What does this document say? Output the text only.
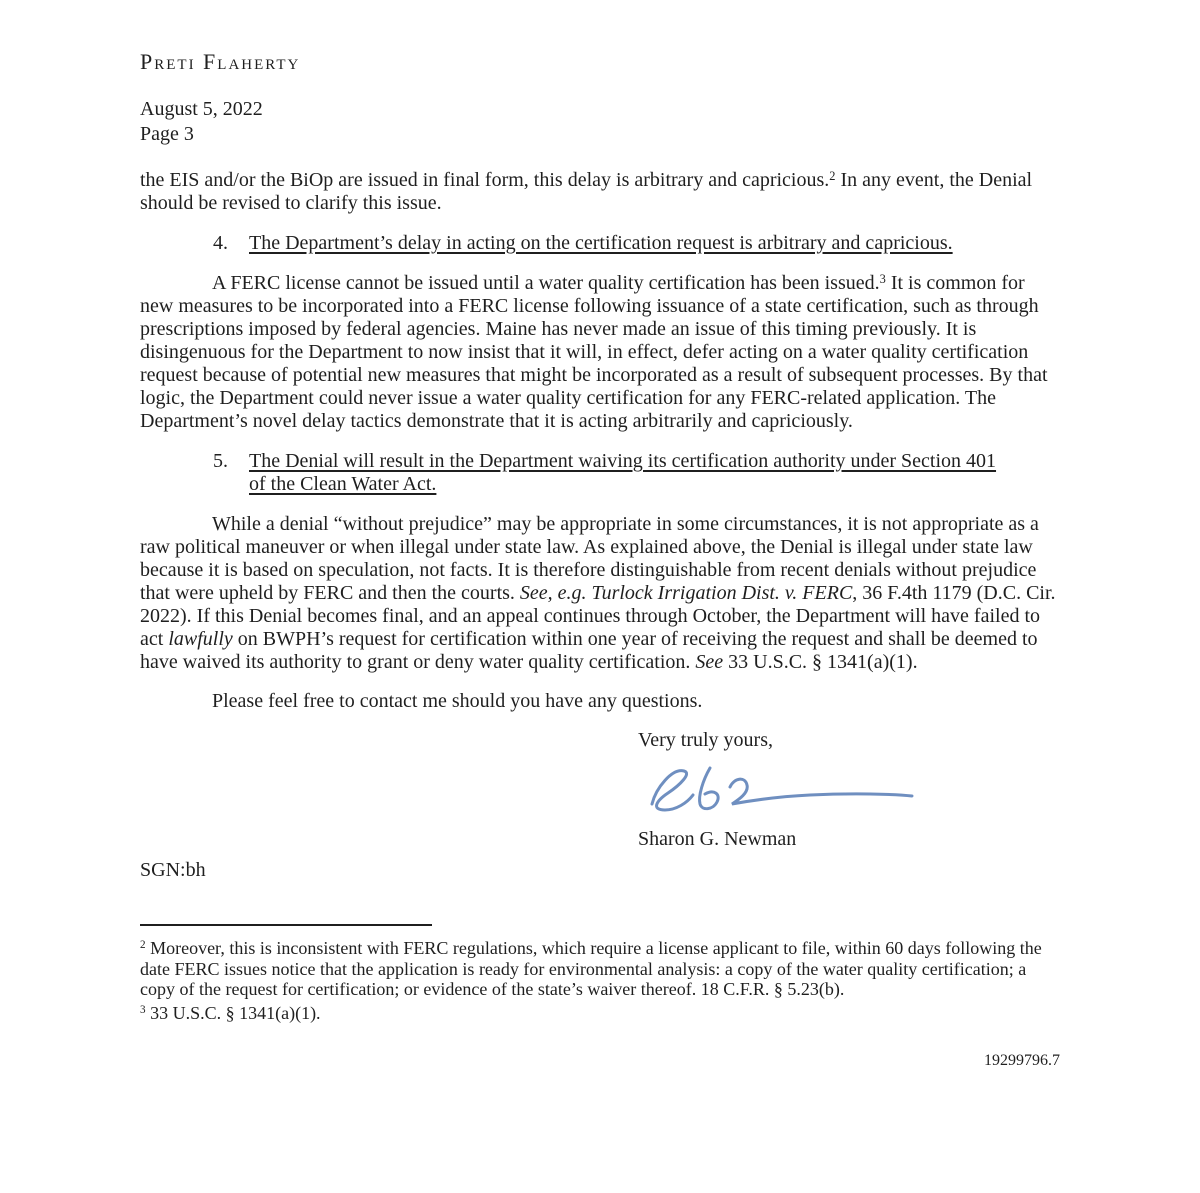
Preti Flaherty
August 5, 2022
Page 3

the EIS and/or the BiOp are issued in final form, this delay is arbitrary and capricious.$^2$ In any event, the Denial should be revised to clarify this issue.

4.	The Department’s delay in acting on the certification request is arbitrary and capricious.

A FERC license cannot be issued until a water quality certification has been issued.$^3$ It is common for new measures to be incorporated into a FERC license following issuance of a state certification, such as through prescriptions imposed by federal agencies. Maine has never made an issue of this timing previously. It is disingenuous for the Department to now insist that it will, in effect, defer acting on a water quality certification request because of potential new measures that might be incorporated as a result of subsequent processes. By that logic, the Department could never issue a water quality certification for any FERC-related application. The Department’s novel delay tactics demonstrate that it is acting arbitrarily and capriciously.

5.	The Denial will result in the Department waiving its certification authority under Section 401 of the Clean Water Act.

While a denial “without prejudice” may be appropriate in some circumstances, it is not appropriate as a raw political maneuver or when illegal under state law. As explained above, the Denial is illegal under state law because it is based on speculation, not facts. It is therefore distinguishable from recent denials without prejudice that were upheld by FERC and then the courts. See, e.g. Turlock Irrigation Dist. v. FERC, 36 F.4th 1179 (D.C. Cir. 2022). If this Denial becomes final, and an appeal continues through October, the Department will have failed to act lawfully on BWPH’s request for certification within one year of receiving the request and shall be deemed to have waived its authority to grant or deny water quality certification. See 33 U.S.C. § 1341(a)(1).

Please feel free to contact me should you have any questions.

Very truly yours,
Sharon G. Newman
SGN:bh

$^2$ Moreover, this is inconsistent with FERC regulations, which require a license applicant to file, within 60 days following the date FERC issues notice that the application is ready for environmental analysis: a copy of the water quality certification; a copy of the request for certification; or evidence of the state’s waiver thereof. 18 C.F.R. § 5.23(b).

$^3$ 33 U.S.C. § 1341(a)(1).

19299796.7
